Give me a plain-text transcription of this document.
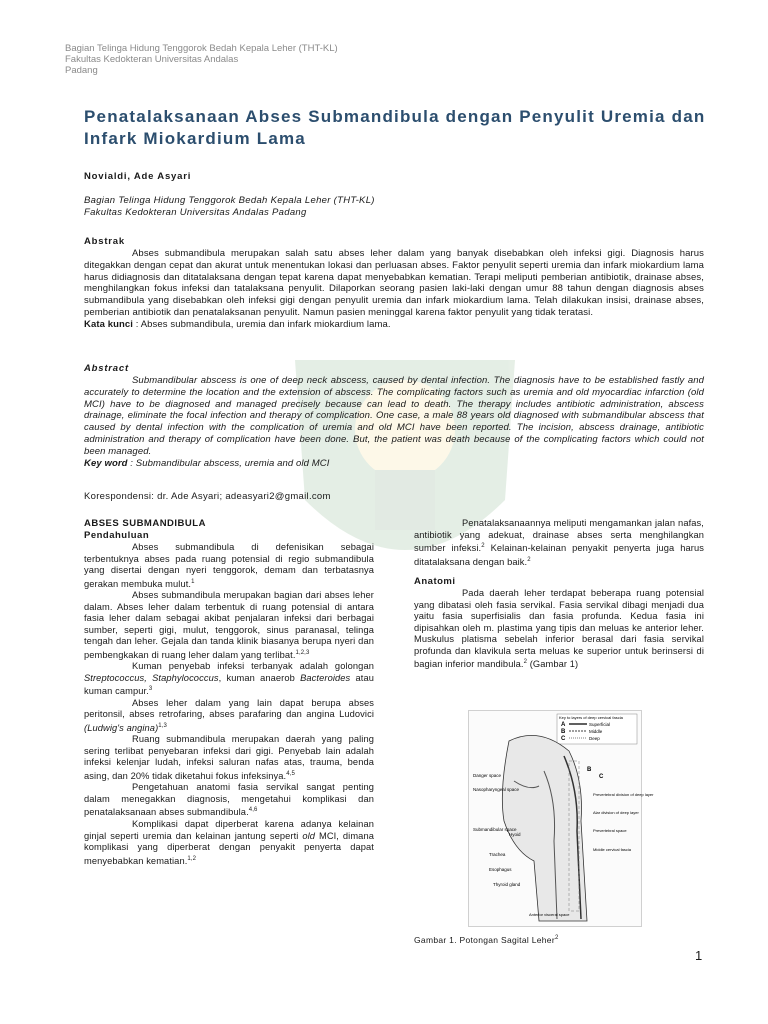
Bagian Telinga Hidung Tenggorok Bedah Kepala Leher (THT-KL)
Fakultas Kedokteran Universitas Andalas
Padang
Penatalaksanaan Abses Submandibula dengan Penyulit Uremia dan Infark Miokardium Lama

Novialdi, Ade Asyari

Bagian Telinga Hidung Tenggorok Bedah Kepala Leher (THT-KL)
Fakultas Kedokteran Universitas Andalas Padang

Abstrak

Abses submandibula merupakan salah satu abses leher dalam yang banyak disebabkan oleh infeksi gigi. Diagnosis harus ditegakkan dengan cepat dan akurat untuk menentukan lokasi dan perluasan abses. Faktor penyulit seperti uremia dan infark miokardium lama harus didiagnosis dan ditatalaksana dengan tepat karena dapat menyebabkan kematian. Terapi meliputi pemberian antibiotik, drainase abses, menghilangkan fokus infeksi dan tatalaksana penyulit. Dilaporkan seorang pasien laki-laki dengan umur 88 tahun dengan diagnosis abses submandibula yang disebabkan oleh infeksi gigi dengan penyulit uremia dan infark miokardium lama. Telah dilakukan insisi, drainase abses, pemberian antibiotik dan penatalaksanan penyulit. Namun pasien meninggal karena faktor penyulit yang tidak teratasi.

Kata kunci : Abses submandibula, uremia dan infark miokardium lama.

Abstract

Submandibular abscess is one of deep neck abscess, caused by dental infection. The diagnosis have to be established fastly and accurately to determine the location and the extension of abscess. The complicating factors such as uremia and old myocardiac infarction (old MCI) have to be diagnosed and managed precisely because can lead to death. The therapy includes antibiotic administration, abscess drainage, eliminate the focal infection and therapy of complication. One case, a male 88 years old diagnosed with submandibular abscess that caused by dental infection with the complication of uremia and old MCI have been reported. The incision, abscess drainage, antibiotic administration and therapy of complication have been done. But, the patient was death because of the complicating factors which could not been managed.

Key word : Submandibular abscess, uremia and old MCI

Korespondensi: dr. Ade Asyari; adeasyari2@gmail.com

ABSES SUBMANDIBULA

Pendahuluan

Abses submandibula di defenisikan sebagai terbentuknya abses pada ruang potensial di regio submandibula yang disertai dengan nyeri tenggorok, demam dan terbatasnya gerakan membuka mulut.$^1$

Abses submandibula merupakan bagian dari abses leher dalam. Abses leher dalam terbentuk di ruang potensial di antara fasia leher dalam sebagai akibat penjalaran infeksi dari berbagai sumber, seperti gigi, mulut, tenggorok, sinus paranasal, telinga tengah dan leher. Gejala dan tanda klinik biasanya berupa nyeri dan pembengkakan di ruang leher dalam yang terlibat.$^{1,2,3}$

Kuman penyebab infeksi terbanyak adalah golongan Streptococcus, Staphylococcus, kuman anaerob Bacteroides atau kuman campur.$^3$

Abses leher dalam yang lain dapat berupa abses peritonsil, abses retrofaring, abses parafaring dan angina Ludovici (Ludwig's angina)$^{1,3}$

Ruang submandibula merupakan daerah yang paling sering terlibat penyebaran infeksi dari gigi. Penyebab lain adalah infeksi kelenjar ludah, infeksi saluran nafas atas, trauma, benda asing, dan 20% tidak diketahui fokus infeksinya.$^{4,5}$

Pengetahuan anatomi fasia servikal sangat penting dalam menegakkan diagnosis, mengetahui komplikasi dan penatalaksanaan abses submandibula.$^{4,6}$

Komplikasi dapat diperberat karena adanya kelainan ginjal seperti uremia dan kelainan jantung seperti old MCI, dimana komplikasi yang diperberat dengan penyakit penyerta dapat menyebabkan kematian.$^{1,2}$

Penatalaksanaannya meliputi mengamankan jalan nafas, antibiotik yang adekuat, drainase abses serta menghilangkan sumber infeksi.$^2$ Kelainan-kelainan penyakit penyerta juga harus ditatalaksana dengan baik.$^2$

Anatomi

Pada daerah leher terdapat beberapa ruang potensial yang dibatasi oleh fasia servikal. Fasia servikal dibagi menjadi dua yaitu fasia superfisialis dan fasia profunda. Kedua fasia ini dipisahkan oleh m. plastima yang tipis dan meluas ke anterior leher. Muskulus platisma sebelah inferior berasal dari fasia servikal profunda dan klavikula serta meluas ke superior untuk berinsersi di bagian inferior mandibula.$^2$ (Gambar 1)

Key to layers of deep cervical fascia
A	Superficial
B	Middle
C	Deep
Danger space
Nasopharyngeal space
Submandibular space
Hyoid
Trachea
Esophagus
Thyroid gland
Prevertebral division of deep layer
Alar division of deep layer
Prevertebral space
Middle cervical fascia
Anterior visceral space
B
C
Gambar 1. Potongan Sagital Leher$^2$
1
